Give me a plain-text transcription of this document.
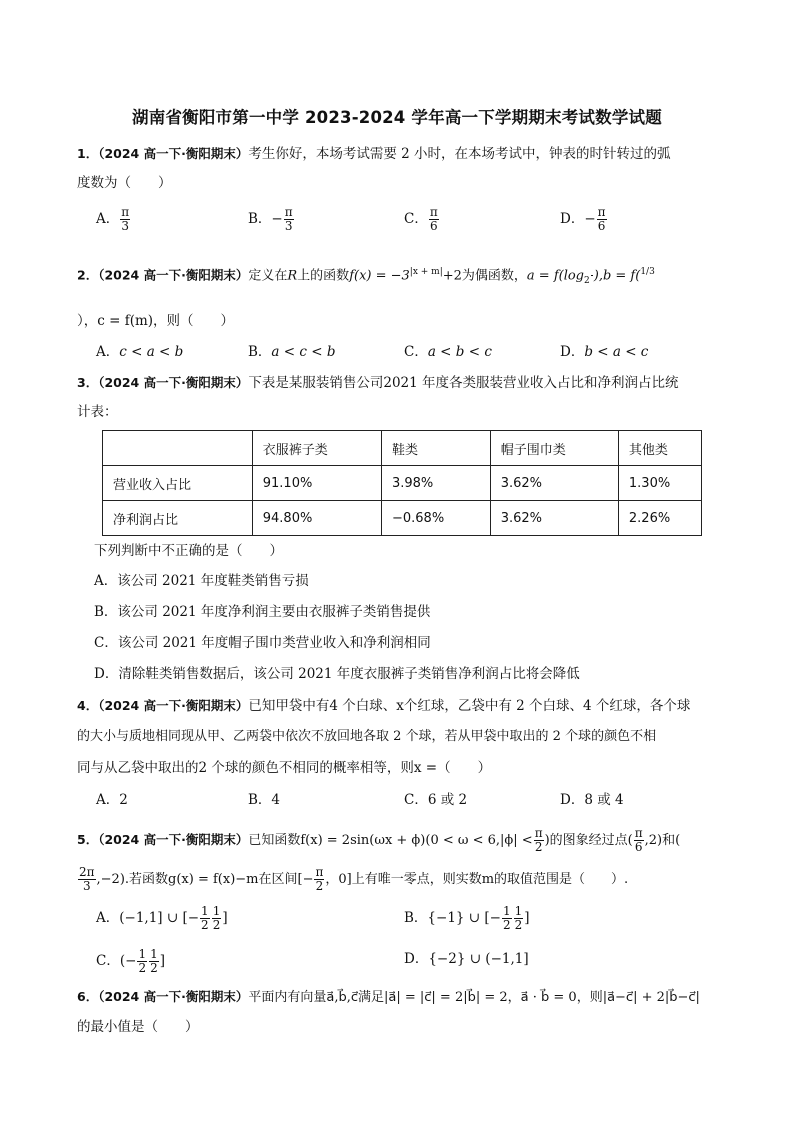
湖南省衡阳市第一中学 2023-2024 学年高一下学期期末考试数学试题
1．（2024 高一下·衡阳期末）考生你好，本场考试需要 2 小时，在本场考试中，钟表的时针转过的弧
度数为（　　）
A． $\frac{\pi}{3}$	B．− $\frac{\pi}{3}$	C． $\frac{\pi}{6}$	D．− $\frac{\pi}{6}$
2．（2024 高一下·衡阳期末）定义在R上的函数$f(x) = -3^{|x + m|}+2$为偶函数，$a = f(\log_2$ ),b = f($^{1/3}$
），c = f(m)，则（　　）
A．c < a < b	B．a < c < b	C．a < b < c	D．b < a < c
3．（2024 高一下·衡阳期末）下表是某服装销售公司2021 年度各类服装营业收入占比和净利润占比统
计表：
	衣服裤子类	鞋类	帽子围巾类	其他类
营业收入占比	91.10%	3.98%	3.62%	1.30%
净利润占比	94.80%	−0.68%	3.62%	2.26%
下列判断中不正确的是（　　）
A．该公司 2021 年度鞋类销售亏损
B．该公司 2021 年度净利润主要由衣服裤子类销售提供
C．该公司 2021 年度帽子围巾类营业收入和净利润相同
D．清除鞋类销售数据后，该公司 2021 年度衣服裤子类销售净利润占比将会降低
4．（2024 高一下·衡阳期末）已知甲袋中有4 个白球、x个红球，乙袋中有 2 个白球、4 个红球，各个球
的大小与质地相同现从甲、乙两袋中依次不放回地各取 2 个球，若从甲袋中取出的 2 个球的颜色不相
同与从乙袋中取出的2 个球的颜色不相同的概率相等，则x =（　　）
A．2	B．4	C．6 或 2	D．8 或 4
5．（2024 高一下·衡阳期末）已知函数$f(x) = 2\sin(\omega x + \phi)(0 < \omega < 6,|\phi| < \frac{\pi}{2}$ )的图象经过点( $\frac{\pi}{6} ,2$)和(
$\frac{2\pi}{3} ,-2$).若函数g(x) = f(x)−m在区间[− $\frac{\pi}{2}$ ，0]上有唯一零点，则实数m的取值范围是（　　）.
A．(−1,1] ∪ [− $\frac{1}{2} \frac{1}{2}$ ]	B．{−1} ∪ [− $\frac{1}{2} \frac{1}{2}$ ]
C．(− $\frac{1}{2} \frac{1}{2}$ ]	D．{−2} ∪ (−1,1]
6．（2024 高一下·衡阳期末）平面内有向量a⃗,b⃗,c⃗满足|a⃗| = |c⃗| = 2|b⃗| = 2，a⃗ · b⃗ = 0，则|a⃗−c⃗| + 2|b⃗−c⃗|
的最小值是（　　）
